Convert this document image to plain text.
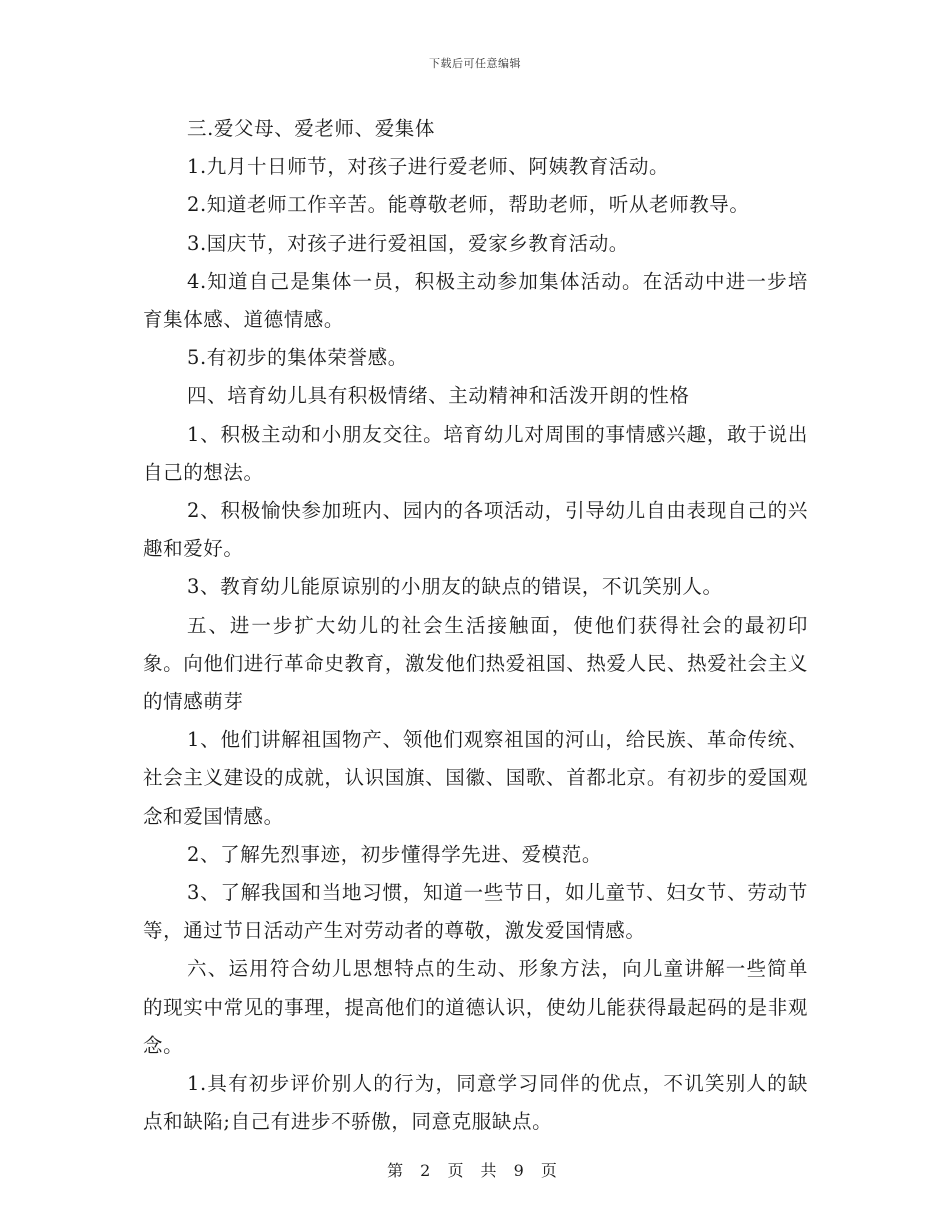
下载后可任意编辑

三.爱父母、爱老师、爱集体

1.九月十日师节，对孩子进行爱老师、阿姨教育活动。

2.知道老师工作辛苦。能尊敬老师，帮助老师，听从老师教导。

3.国庆节，对孩子进行爱祖国，爱家乡教育活动。

4.知道自己是集体一员，积极主动参加集体活动。在活动中进一步培育集体感、道德情感。

5.有初步的集体荣誉感。

四、培育幼儿具有积极情绪、主动精神和活泼开朗的性格

1、积极主动和小朋友交往。培育幼儿对周围的事情感兴趣，敢于说出自己的想法。

2、积极愉快参加班内、园内的各项活动，引导幼儿自由表现自己的兴趣和爱好。

3、教育幼儿能原谅别的小朋友的缺点的错误，不讥笑别人。

五、进一步扩大幼儿的社会生活接触面，使他们获得社会的最初印象。向他们进行革命史教育，激发他们热爱祖国、热爱人民、热爱社会主义的情感萌芽

1、他们讲解祖国物产、领他们观察祖国的河山，给民族、革命传统、社会主义建设的成就，认识国旗、国徽、国歌、首都北京。有初步的爱国观念和爱国情感。

2、了解先烈事迹，初步懂得学先进、爱模范。

3、了解我国和当地习惯，知道一些节日，如儿童节、妇女节、劳动节等，通过节日活动产生对劳动者的尊敬，激发爱国情感。

六、运用符合幼儿思想特点的生动、形象方法，向儿童讲解一些简单的现实中常见的事理，提高他们的道德认识，使幼儿能获得最起码的是非观念。

1.具有初步评价别人的行为，同意学习同伴的优点，不讥笑别人的缺点和缺陷;自己有进步不骄傲，同意克服缺点。

第 2 页 共 9 页
